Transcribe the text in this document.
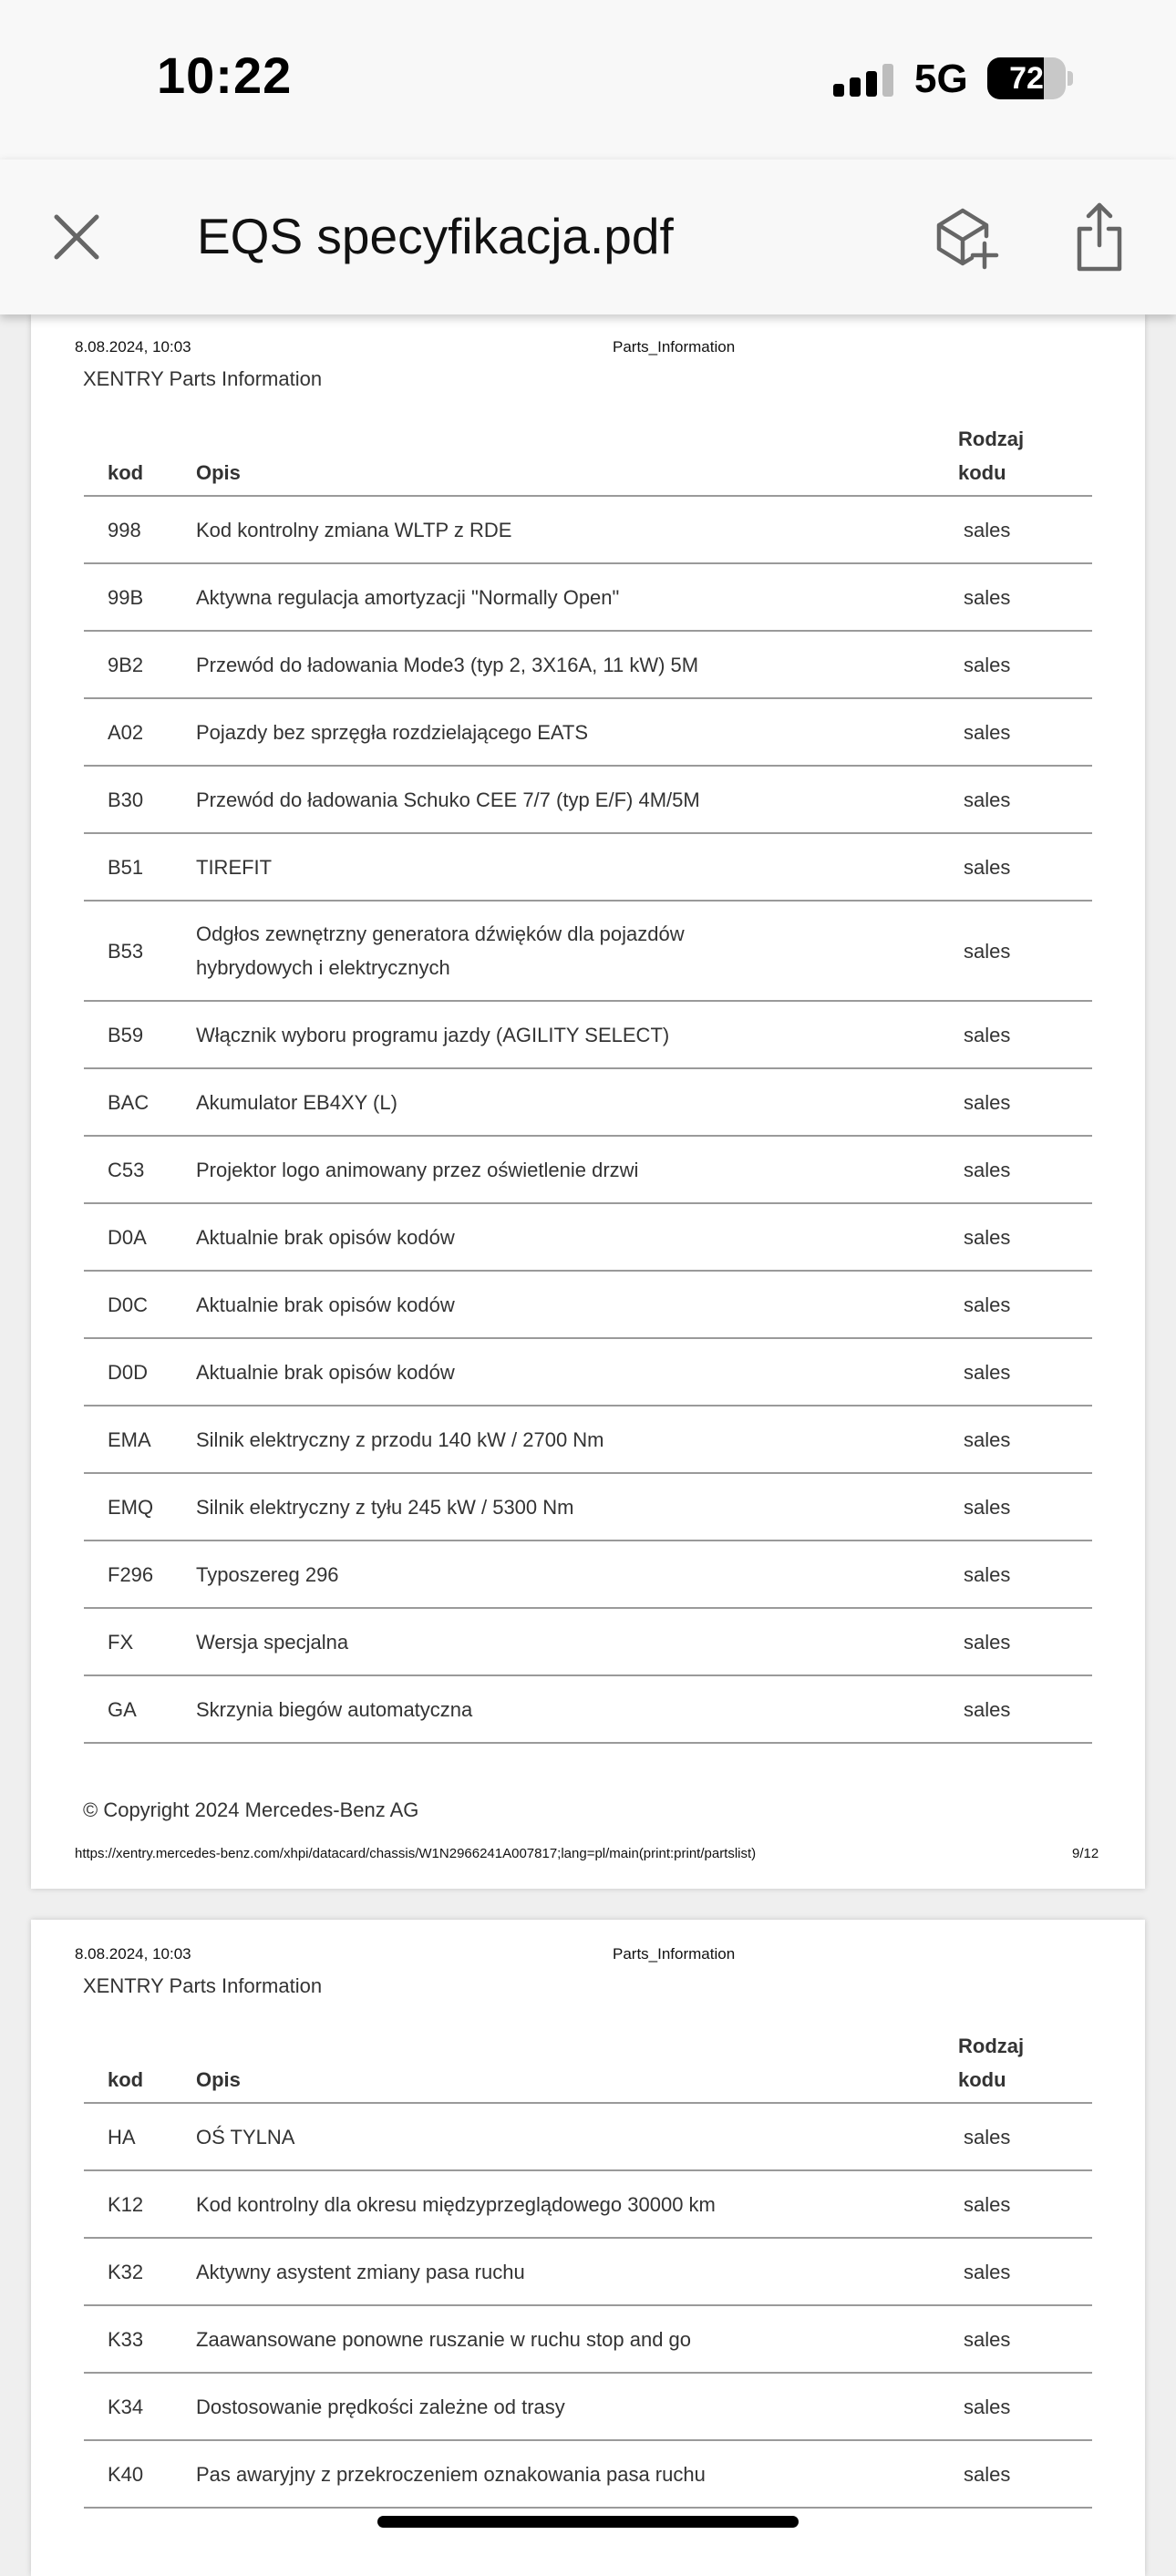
10:22	5G	72
EQS specyfikacja.pdf
8.08.2024, 10:03	Parts_Information
XENTRY Parts Information
kod	Opis	Rodzaj
kodu
998	Kod kontrolny zmiana WLTP z RDE	sales
99B	Aktywna regulacja amortyzacji "Normally Open"	sales
9B2	Przewód do ładowania Mode3 (typ 2, 3X16A, 11 kW) 5M	sales
A02	Pojazdy bez sprzęgła rozdzielającego EATS	sales
B30	Przewód do ładowania Schuko CEE 7/7 (typ E/F) 4M/5M	sales
B51	TIREFIT	sales
B53	Odgłos zewnętrzny generatora dźwięków dla pojazdów hybrydowych i elektrycznych	sales
B59	Włącznik wyboru programu jazdy (AGILITY SELECT)	sales
BAC	Akumulator EB4XY (L)	sales
C53	Projektor logo animowany przez oświetlenie drzwi	sales
D0A	Aktualnie brak opisów kodów	sales
D0C	Aktualnie brak opisów kodów	sales
D0D	Aktualnie brak opisów kodów	sales
EMA	Silnik elektryczny z przodu 140 kW / 2700 Nm	sales
EMQ	Silnik elektryczny z tyłu 245 kW / 5300 Nm	sales
F296	Typoszereg 296	sales
FX	Wersja specjalna	sales
GA	Skrzynia biegów automatyczna	sales
© Copyright 2024 Mercedes-Benz AG
https://xentry.mercedes-benz.com/xhpi/datacard/chassis/W1N2966241A007817;lang=pl/main(print:print/partslist)	9/12
8.08.2024, 10:03	Parts_Information
XENTRY Parts Information
kod	Opis	Rodzaj
kodu
HA	OŚ TYLNA	sales
K12	Kod kontrolny dla okresu międzyprzeglądowego 30000 km	sales
K32	Aktywny asystent zmiany pasa ruchu	sales
K33	Zaawansowane ponowne ruszanie w ruchu stop and go	sales
K34	Dostosowanie prędkości zależne od trasy	sales
K40	Pas awaryjny z przekroczeniem oznakowania pasa ruchu	sales
